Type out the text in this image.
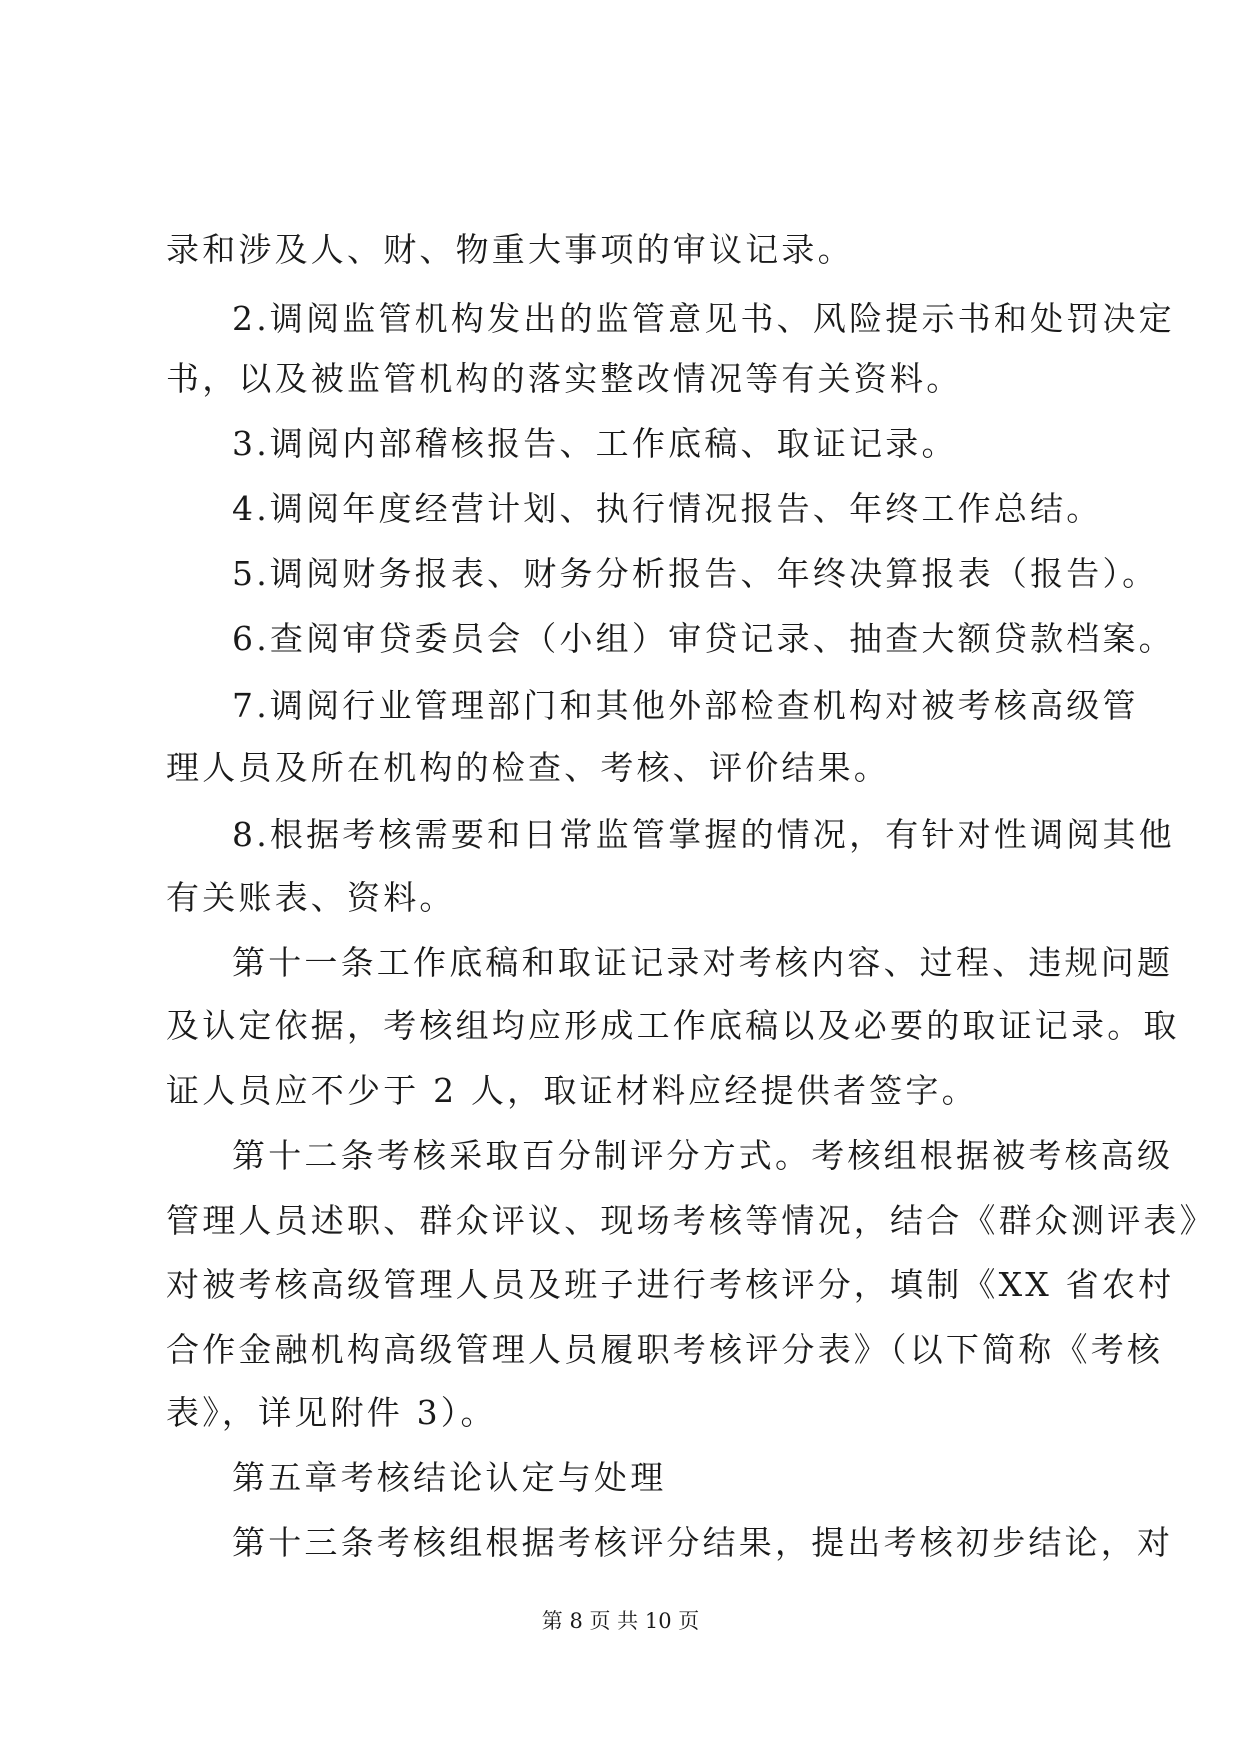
录和涉及人、财、物重大事项的审议记录。
2.调阅监管机构发出的监管意见书、风险提示书和处罚决定
书，以及被监管机构的落实整改情况等有关资料。
3.调阅内部稽核报告、工作底稿、取证记录。
4.调阅年度经营计划、执行情况报告、年终工作总结。
5.调阅财务报表、财务分析报告、年终决算报表（报告）。
6.查阅审贷委员会（小组）审贷记录、抽查大额贷款档案。
7.调阅行业管理部门和其他外部检查机构对被考核高级管
理人员及所在机构的检查、考核、评价结果。
8.根据考核需要和日常监管掌握的情况，有针对性调阅其他
有关账表、资料。
第十一条工作底稿和取证记录对考核内容、过程、违规问题
及认定依据，考核组均应形成工作底稿以及必要的取证记录。取
证人员应不少于 2 人，取证材料应经提供者签字。
第十二条考核采取百分制评分方式。考核组根据被考核高级
管理人员述职、群众评议、现场考核等情况，结合《群众测评表》
对被考核高级管理人员及班子进行考核评分，填制《XX 省农村
合作金融机构高级管理人员履职考核评分表》（以下简称《考核
表》，详见附件 3）。
第五章考核结论认定与处理
第十三条考核组根据考核评分结果，提出考核初步结论，对
第 8 页 共 10 页
